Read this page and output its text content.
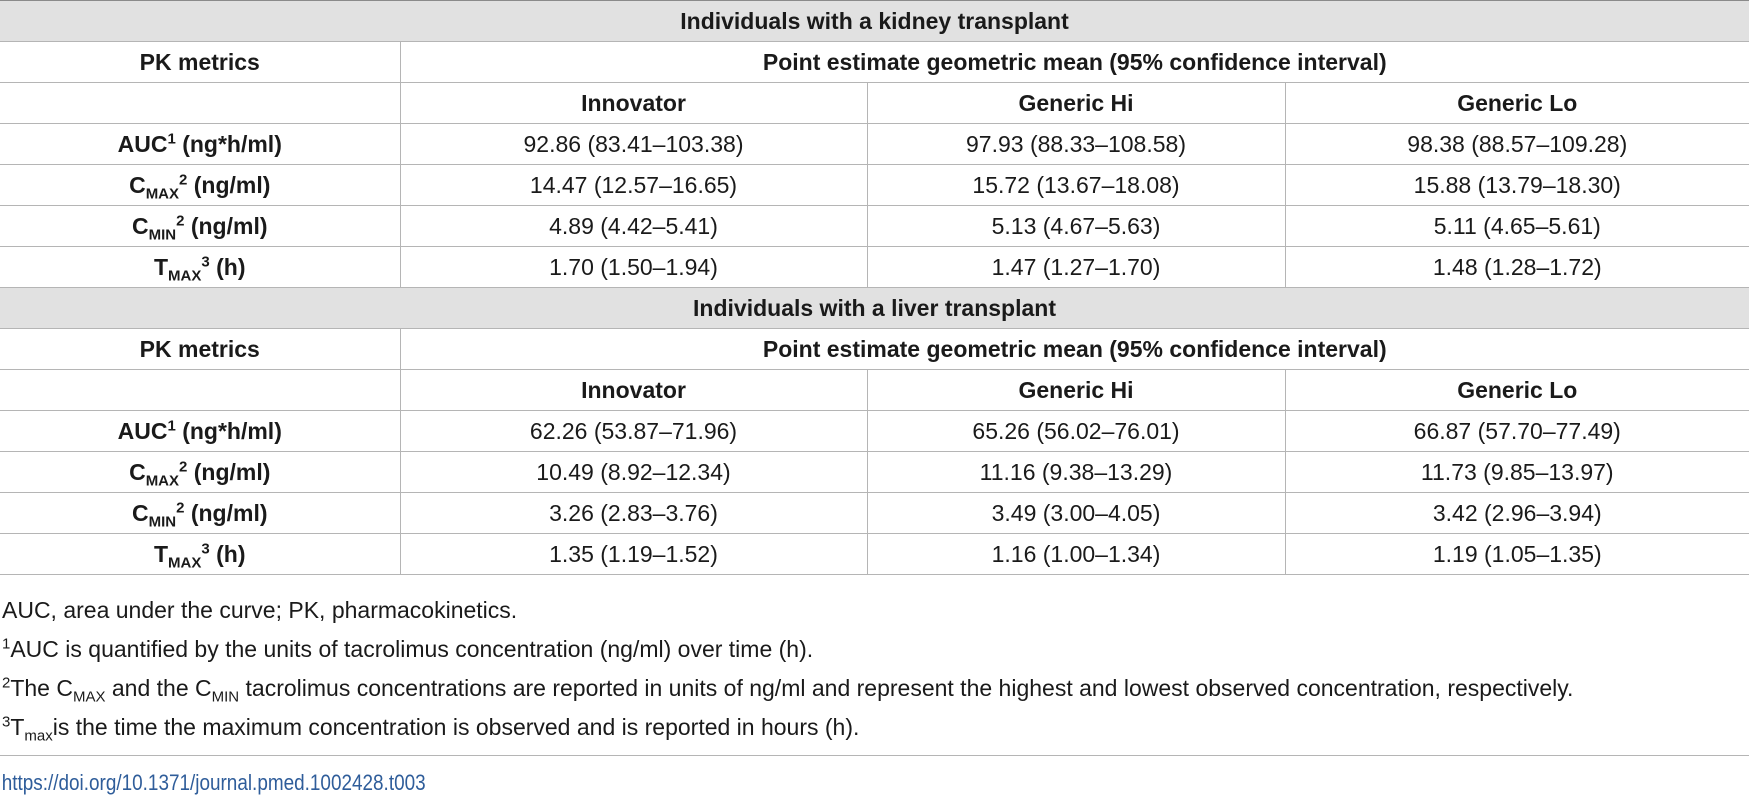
Individuals with a kidney transplant			
PK metrics	Point estimate geometric mean (95% confidence interval)		
	Innovator	Generic Hi	Generic Lo
AUC$^1$ (ng*h/ml)	92.86 (83.41–103.38)	97.93 (88.33–108.58)	98.38 (88.57–109.28)
$C_{MAX}^2$ (ng/ml)	14.47 (12.57–16.65)	15.72 (13.67–18.08)	15.88 (13.79–18.30)
$C_{MIN}^2$ (ng/ml)	4.89 (4.42–5.41)	5.13 (4.67–5.63)	5.11 (4.65–5.61)
$T_{MAX}^3$ (h)	1.70 (1.50–1.94)	1.47 (1.27–1.70)	1.48 (1.28–1.72)
Individuals with a liver transplant			
PK metrics	Point estimate geometric mean (95% confidence interval)		
	Innovator	Generic Hi	Generic Lo
AUC$^1$ (ng*h/ml)	62.26 (53.87–71.96)	65.26 (56.02–76.01)	66.87 (57.70–77.49)
$C_{MAX}^2$ (ng/ml)	10.49 (8.92–12.34)	11.16 (9.38–13.29)	11.73 (9.85–13.97)
$C_{MIN}^2$ (ng/ml)	3.26 (2.83–3.76)	3.49 (3.00–4.05)	3.42 (2.96–3.94)
$T_{MAX}^3$ (h)	1.35 (1.19–1.52)	1.16 (1.00–1.34)	1.19 (1.05–1.35)
AUC, area under the curve; PK, pharmacokinetics.
$^1$AUC is quantified by the units of tacrolimus concentration (ng/ml) over time (h).
$^2$The $C_{MAX}$ and the $C_{MIN}$ tacrolimus concentrations are reported in units of ng/ml and represent the highest and lowest observed concentration, respectively.
$^3T_{max}is$ the time the maximum concentration is observed and is reported in hours (h).
https://doi.org/10.1371/journal.pmed.1002428.t003
